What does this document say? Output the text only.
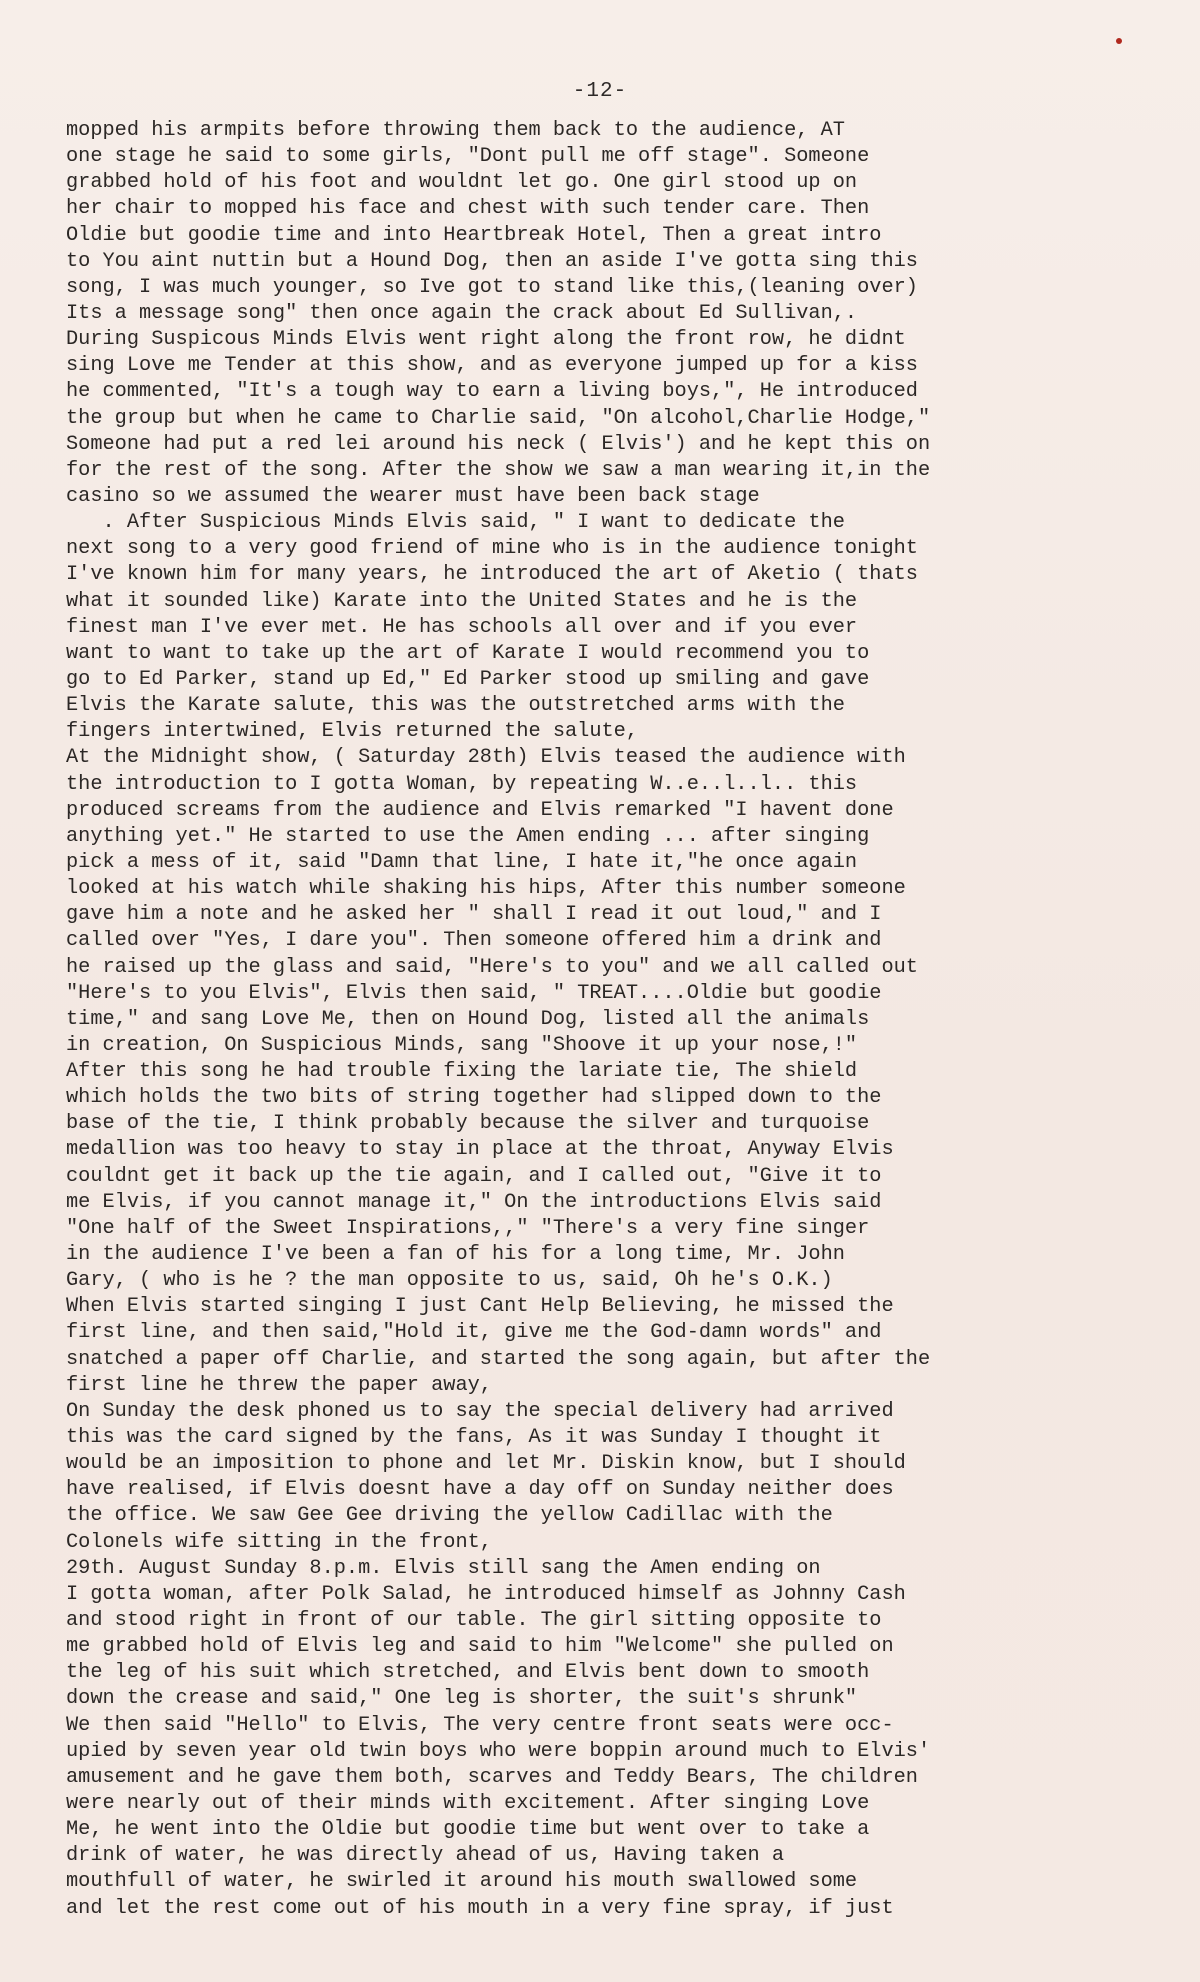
-12-
mopped his armpits before throwing them back to the audience, AT
one stage he said to some girls, "Dont pull me off stage". Someone
grabbed hold of his foot and wouldnt let go. One girl stood up on
her chair to mopped his face and chest with such tender care. Then
Oldie but goodie time and into Heartbreak Hotel, Then a great intro
to You aint nuttin but a Hound Dog, then an aside I've gotta sing this
song, I was much younger, so Ive got to stand like this,(leaning over)
Its a message song" then once again the crack about Ed Sullivan,.
During Suspicous Minds Elvis went right along the front row, he didnt
sing Love me Tender at this show, and as everyone jumped up for a kiss
he commented, "It's a tough way to earn a living boys,", He introduced
the group but when he came to Charlie said, "On alcohol,Charlie Hodge,"
Someone had put a red lei around his neck ( Elvis') and he kept this on
for the rest of the song. After the show we saw a man wearing it,in the
casino so we assumed the wearer must have been back stage
. After Suspicious Minds Elvis said, " I want to dedicate the
next song to a very good friend of mine who is in the audience tonight
I've known him for many years, he introduced the art of Aketio ( thats
what it sounded like) Karate into the United States and he is the
finest man I've ever met. He has schools all over and if you ever
want to want to take up the art of Karate I would recommend you to
go to Ed Parker, stand up Ed," Ed Parker stood up smiling and gave
Elvis the Karate salute, this was the outstretched arms with the
fingers intertwined, Elvis returned the salute,
At the Midnight show, ( Saturday 28th) Elvis teased the audience with
the introduction to I gotta Woman, by repeating W..e..l..l.. this
produced screams from the audience and Elvis remarked "I havent done
anything yet." He started to use the Amen ending ... after singing
pick a mess of it, said "Damn that line, I hate it,"he once again
looked at his watch while shaking his hips, After this number someone
gave him a note and he asked her " shall I read it out loud," and I
called over "Yes, I dare you". Then someone offered him a drink and
he raised up the glass and said, "Here's to you" and we all called out
"Here's to you Elvis", Elvis then said, " TREAT....Oldie but goodie
time," and sang Love Me, then on Hound Dog, listed all the animals
in creation, On Suspicious Minds, sang "Shoove it up your nose,!"
After this song he had trouble fixing the lariate tie, The shield
which holds the two bits of string together had slipped down to the
base of the tie, I think probably because the silver and turquoise
medallion was too heavy to stay in place at the throat, Anyway Elvis
couldnt get it back up the tie again, and I called out, "Give it to
me Elvis, if you cannot manage it," On the introductions Elvis said
"One half of the Sweet Inspirations,," "There's a very fine singer
in the audience I've been a fan of his for a long time, Mr. John
Gary, ( who is he ? the man opposite to us, said, Oh he's O.K.)
When Elvis started singing I just Cant Help Believing, he missed the
first line, and then said,"Hold it, give me the God-damn words" and
snatched a paper off Charlie, and started the song again, but after the
first line he threw the paper away,
On Sunday the desk phoned us to say the special delivery had arrived
this was the card signed by the fans, As it was Sunday I thought it
would be an imposition to phone and let Mr. Diskin know, but I should
have realised, if Elvis doesnt have a day off on Sunday neither does
the office. We saw Gee Gee driving the yellow Cadillac with the
Colonels wife sitting in the front,
29th. August Sunday 8.p.m. Elvis still sang the Amen ending on
I gotta woman, after Polk Salad, he introduced himself as Johnny Cash
and stood right in front of our table. The girl sitting opposite to
me grabbed hold of Elvis leg and said to him "Welcome" she pulled on
the leg of his suit which stretched, and Elvis bent down to smooth
down the crease and said," One leg is shorter, the suit's shrunk"
We then said "Hello" to Elvis, The very centre front seats were occ-
upied by seven year old twin boys who were boppin around much to Elvis'
amusement and he gave them both, scarves and Teddy Bears, The children
were nearly out of their minds with excitement. After singing Love
Me, he went into the Oldie but goodie time but went over to take a
drink of water, he was directly ahead of us, Having taken a
mouthfull of water, he swirled it around his mouth swallowed some
and let the rest come out of his mouth in a very fine spray, if just
